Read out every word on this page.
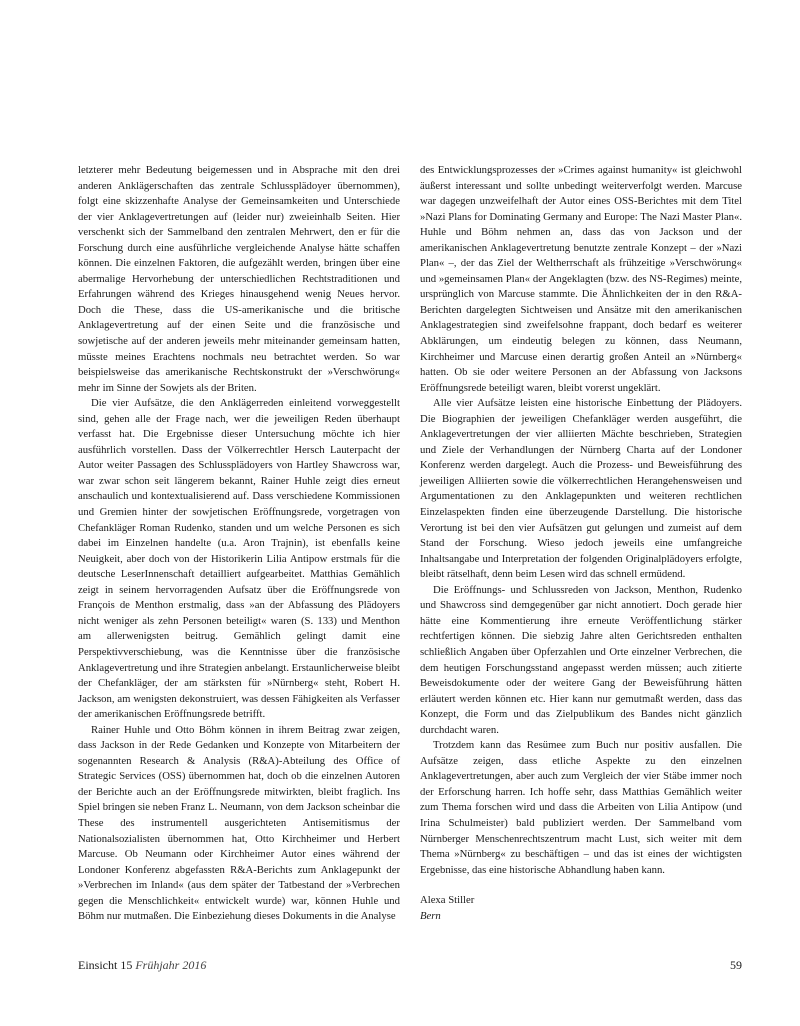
letzterer mehr Bedeutung beigemessen und in Absprache mit den drei anderen Anklägerschaften das zentrale Schlussplädoyer übernommen), folgt eine skizzenhafte Analyse der Gemeinsamkeiten und Unterschiede der vier Anklagevertretungen auf (leider nur) zweieinhalb Seiten. Hier verschenkt sich der Sammelband den zentralen Mehrwert, den er für die Forschung durch eine ausführliche vergleichende Analyse hätte schaffen können. Die einzelnen Faktoren, die aufgezählt werden, bringen über eine abermalige Hervorhebung der unterschiedlichen Rechtstraditionen und Erfahrungen während des Krieges hinausgehend wenig Neues hervor. Doch die These, dass die US-amerikanische und die britische Anklagevertretung auf der einen Seite und die französische und sowjetische auf der anderen jeweils mehr miteinander gemeinsam hatten, müsste meines Erachtens nochmals neu betrachtet werden. So war beispielsweise das amerikanische Rechtskonstrukt der »Verschwörung« mehr im Sinne der Sowjets als der Briten.

Die vier Aufsätze, die den Anklägerreden einleitend vorweggestellt sind, gehen alle der Frage nach, wer die jeweiligen Reden überhaupt verfasst hat. Die Ergebnisse dieser Untersuchung möchte ich hier ausführlich vorstellen. Dass der Völkerrechtler Hersch Lauterpacht der Autor weiter Passagen des Schlussplädoyers von Hartley Shawcross war, war zwar schon seit längerem bekannt, Rainer Huhle zeigt dies erneut anschaulich und kontextualisierend auf. Dass verschiedene Kommissionen und Gremien hinter der sowjetischen Eröffnungsrede, vorgetragen von Chefankläger Roman Rudenko, standen und um welche Personen es sich dabei im Einzelnen handelte (u.a. Aron Trajnin), ist ebenfalls keine Neuigkeit, aber doch von der Historikerin Lilia Antipow erstmals für die deutsche LeserInnenschaft detailliert aufgearbeitet. Matthias Gemählich zeigt in seinem hervorragenden Aufsatz über die Eröffnungsrede von François de Menthon erstmalig, dass »an der Abfassung des Plädoyers nicht weniger als zehn Personen beteiligt« waren (S. 133) und Menthon am allerwenigsten beitrug. Gemählich gelingt damit eine Perspektivverschiebung, was die Kenntnisse über die französische Anklagevertretung und ihre Strategien anbelangt. Erstaunlicherweise bleibt der Chefankläger, der am stärksten für »Nürnberg« steht, Robert H. Jackson, am wenigsten dekonstruiert, was dessen Fähigkeiten als Verfasser der amerikanischen Eröffnungsrede betrifft.

Rainer Huhle und Otto Böhm können in ihrem Beitrag zwar zeigen, dass Jackson in der Rede Gedanken und Konzepte von Mitarbeitern der sogenannten Research & Analysis (R&A)-Abteilung des Office of Strategic Services (OSS) übernommen hat, doch ob die einzelnen Autoren der Berichte auch an der Eröffnungsrede mitwirkten, bleibt fraglich. Ins Spiel bringen sie neben Franz L. Neumann, von dem Jackson scheinbar die These des instrumentell ausgerichteten Antisemitismus der Nationalsozialisten übernommen hat, Otto Kirchheimer und Herbert Marcuse. Ob Neumann oder Kirchheimer Autor eines während der Londoner Konferenz abgefassten R&A-Berichts zum Anklagepunkt der »Verbrechen im Inland« (aus dem später der Tatbestand der »Verbrechen gegen die Menschlichkeit« entwickelt wurde) war, können Huhle und Böhm nur mutmaßen. Die Einbeziehung dieses Dokuments in die Analyse

des Entwicklungsprozesses der »Crimes against humanity« ist gleichwohl äußerst interessant und sollte unbedingt weiterverfolgt werden. Marcuse war dagegen unzweifelhaft der Autor eines OSS-Berichtes mit dem Titel »Nazi Plans for Dominating Germany and Europe: The Nazi Master Plan«. Huhle und Böhm nehmen an, dass das von Jackson und der amerikanischen Anklagevertretung benutzte zentrale Konzept – der »Nazi Plan« –, der das Ziel der Weltherrschaft als frühzeitige »Verschwörung« und »gemeinsamen Plan« der Angeklagten (bzw. des NS-Regimes) meinte, ursprünglich von Marcuse stammte. Die Ähnlichkeiten der in den R&A-Berichten dargelegten Sichtweisen und Ansätze mit den amerikanischen Anklagestrategien sind zweifelsohne frappant, doch bedarf es weiterer Abklärungen, um eindeutig belegen zu können, dass Neumann, Kirchheimer und Marcuse einen derartig großen Anteil an »Nürnberg« hatten. Ob sie oder weitere Personen an der Abfassung von Jacksons Eröffnungsrede beteiligt waren, bleibt vorerst ungeklärt.

Alle vier Aufsätze leisten eine historische Einbettung der Plädoyers. Die Biographien der jeweiligen Chefankläger werden ausgeführt, die Anklagevertretungen der vier alliierten Mächte beschrieben, Strategien und Ziele der Verhandlungen der Nürnberg Charta auf der Londoner Konferenz werden dargelegt. Auch die Prozess- und Beweisführung des jeweiligen Alliierten sowie die völkerrechtlichen Herangehensweisen und Argumentationen zu den Anklagepunkten und weiteren rechtlichen Einzelaspekten finden eine überzeugende Darstellung. Die historische Verortung ist bei den vier Aufsätzen gut gelungen und zumeist auf dem Stand der Forschung. Wieso jedoch jeweils eine umfangreiche Inhaltsangabe und Interpretation der folgenden Originalplädoyers erfolgte, bleibt rätselhaft, denn beim Lesen wird das schnell ermüdend.

Die Eröffnungs- und Schlussreden von Jackson, Menthon, Rudenko und Shawcross sind demgegenüber gar nicht annotiert. Doch gerade hier hätte eine Kommentierung ihre erneute Veröffentlichung stärker rechtfertigen können. Die siebzig Jahre alten Gerichtsreden enthalten schließlich Angaben über Opferzahlen und Orte einzelner Verbrechen, die dem heutigen Forschungsstand angepasst werden müssen; auch zitierte Beweisdokumente oder der weitere Gang der Beweisführung hätten erläutert werden können etc. Hier kann nur gemutmaßt werden, dass das Konzept, die Form und das Zielpublikum des Bandes nicht gänzlich durchdacht waren.

Trotzdem kann das Resümee zum Buch nur positiv ausfallen. Die Aufsätze zeigen, dass etliche Aspekte zu den einzelnen Anklagevertretungen, aber auch zum Vergleich der vier Stäbe immer noch der Erforschung harren. Ich hoffe sehr, dass Matthias Gemählich weiter zum Thema forschen wird und dass die Arbeiten von Lilia Antipow (und Irina Schulmeister) bald publiziert werden. Der Sammelband vom Nürnberger Menschenrechtszentrum macht Lust, sich weiter mit dem Thema »Nürnberg« zu beschäftigen – und das ist eines der wichtigsten Ergebnisse, das eine historische Abhandlung haben kann.

Alexa Stiller
Bern
Einsicht 15 Frühjahr 2016	59
